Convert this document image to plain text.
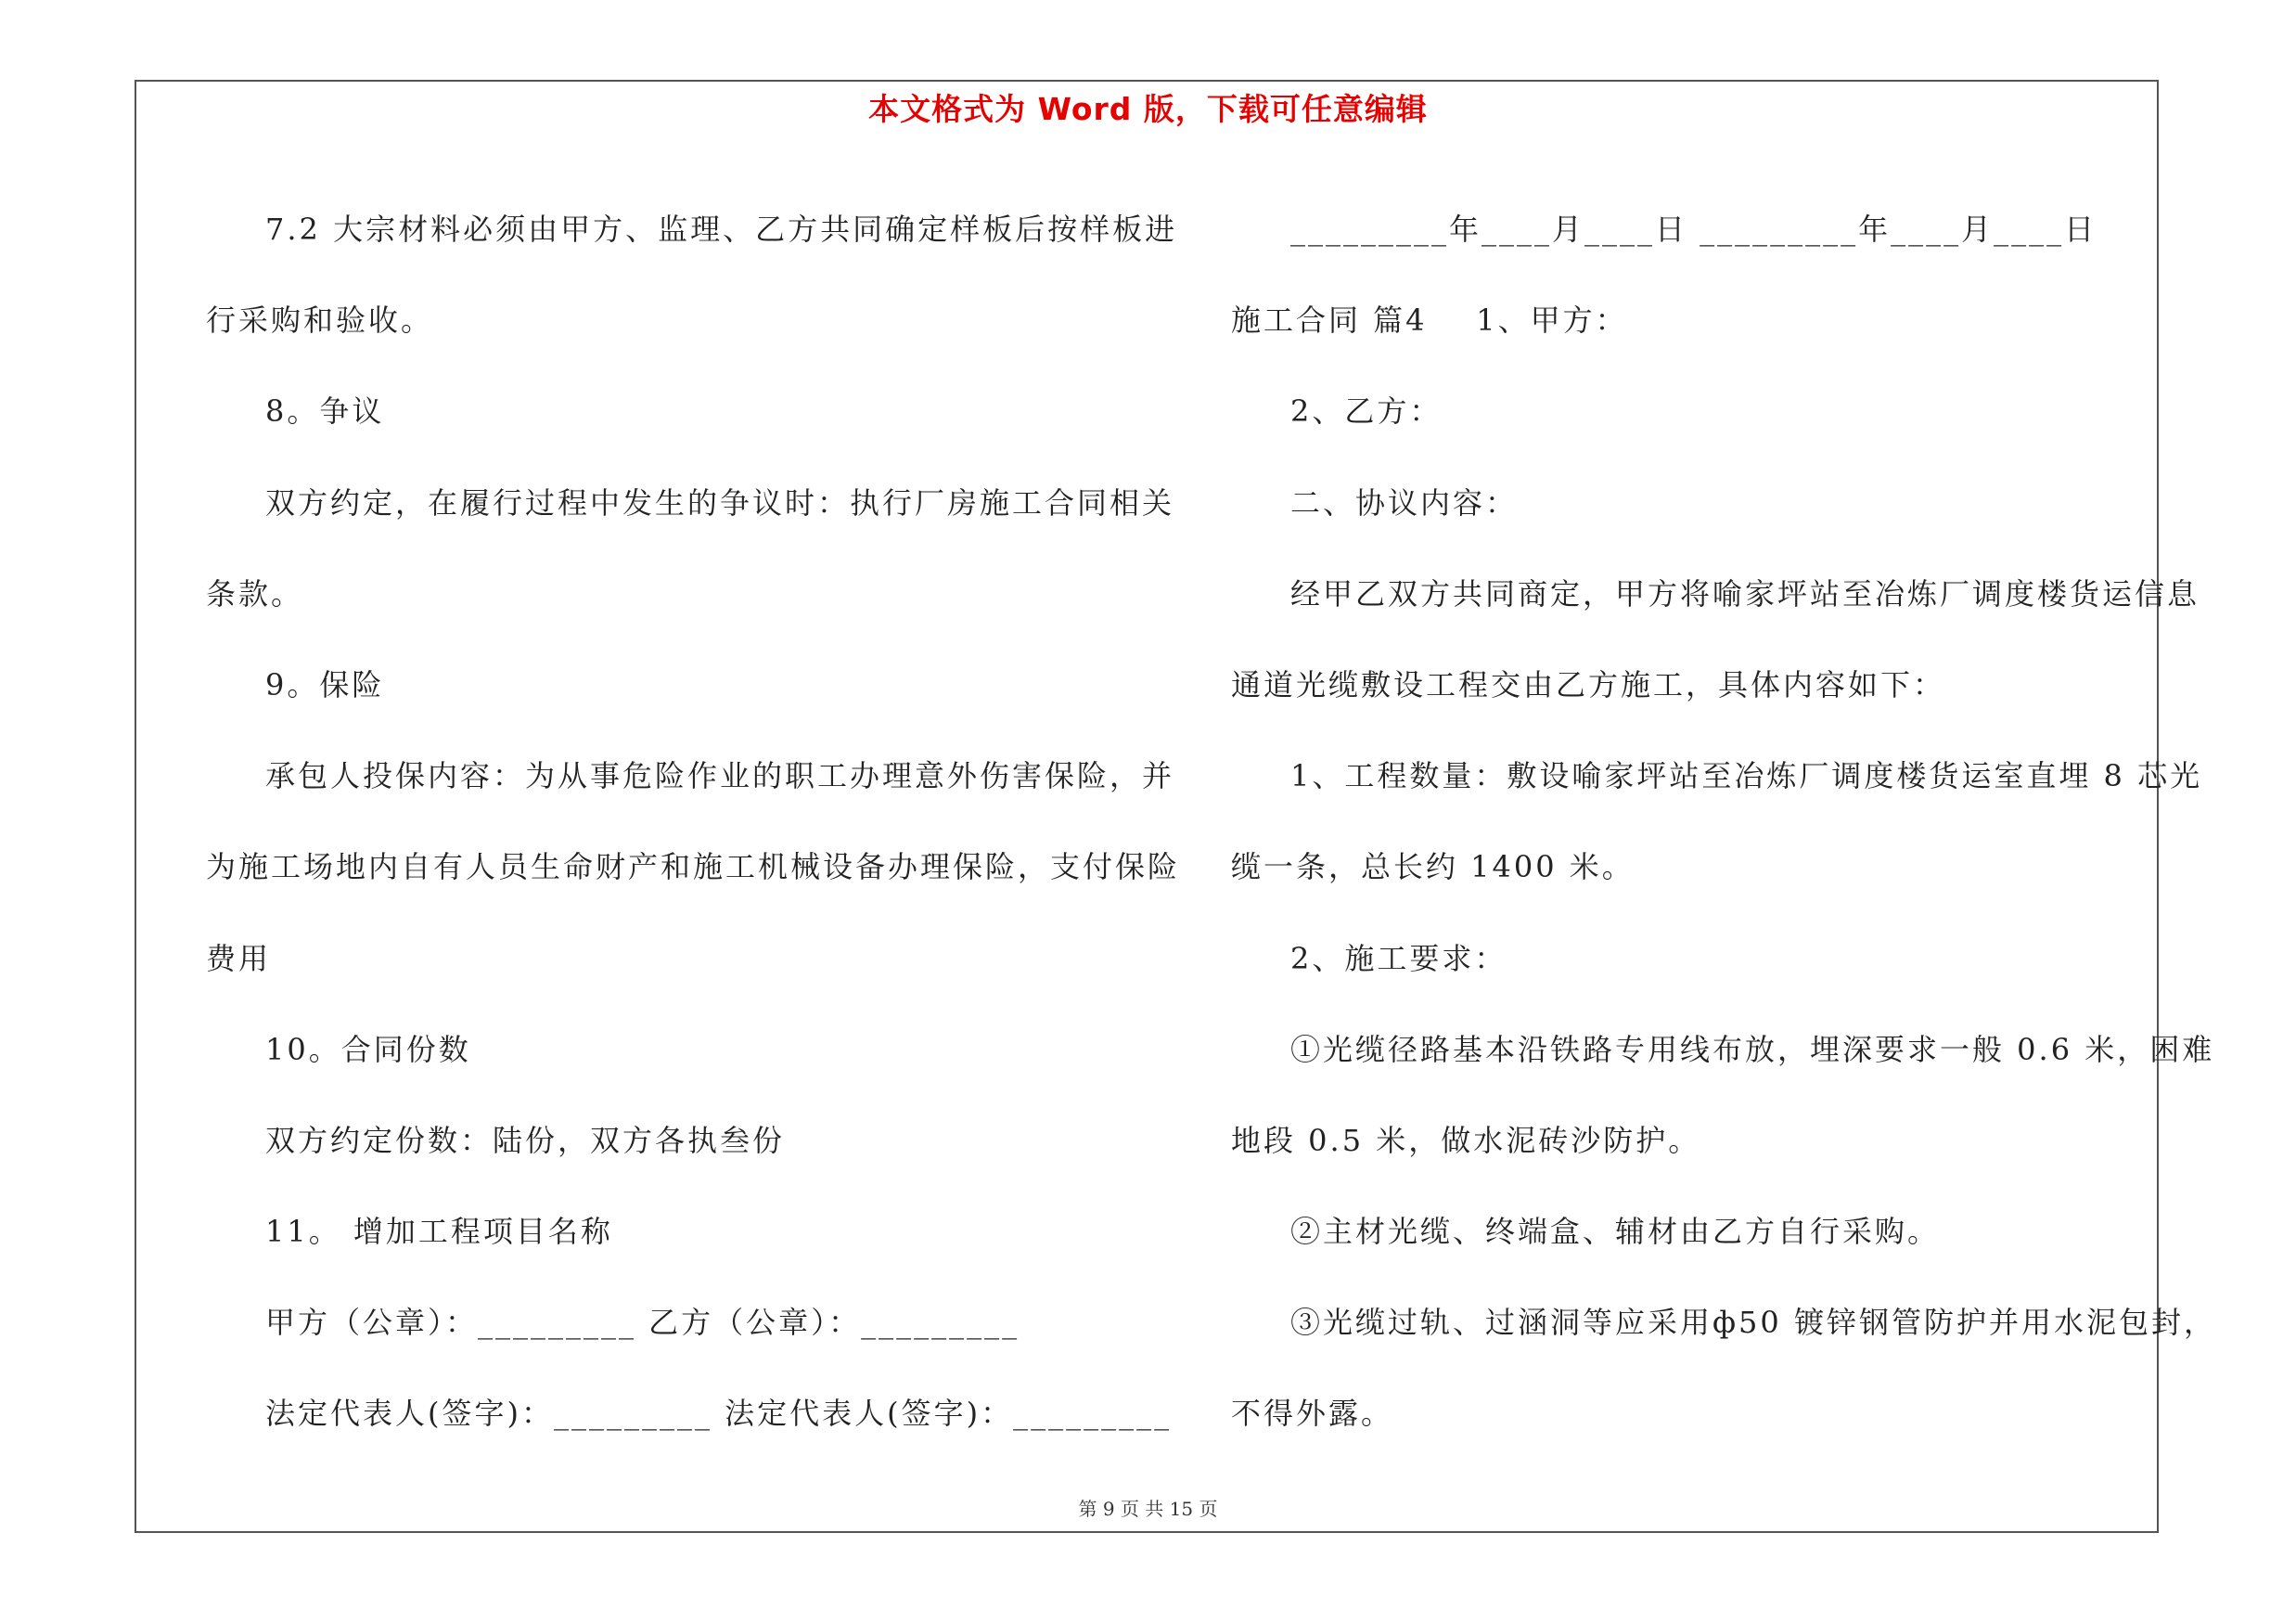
本文格式为 Word 版，下载可任意编辑
7.2 大宗材料必须由甲方、监理、乙方共同确定样板后按样板进
行采购和验收。
8。争议
双方约定，在履行过程中发生的争议时：执行厂房施工合同相关
条款。
9。保险
承包人投保内容：为从事危险作业的职工办理意外伤害保险，并
为施工场地内自有人员生命财产和施工机械设备办理保险，支付保险
费用
10。合同份数
双方约定份数：陆份，双方各执叁份
11。 增加工程项目名称
甲方（公章）：_________ 乙方（公章）：_________
法定代表人(签字)：_________ 法定代表人(签字)：_________
_________年____月____日 _________年____月____日
施工合同 篇4    1、甲方：
2、乙方：
二、协议内容：
经甲乙双方共同商定，甲方将喻家坪站至冶炼厂调度楼货运信息
通道光缆敷设工程交由乙方施工，具体内容如下：
1、工程数量：敷设喻家坪站至冶炼厂调度楼货运室直埋 8 芯光
缆一条，总长约 1400 米。
2、施工要求：
①光缆径路基本沿铁路专用线布放，埋深要求一般 0.6 米，困难
地段 0.5 米，做水泥砖沙防护。
②主材光缆、终端盒、辅材由乙方自行采购。
③光缆过轨、过涵洞等应采用ф50 镀锌钢管防护并用水泥包封，
不得外露。
第 9 页 共 15 页
